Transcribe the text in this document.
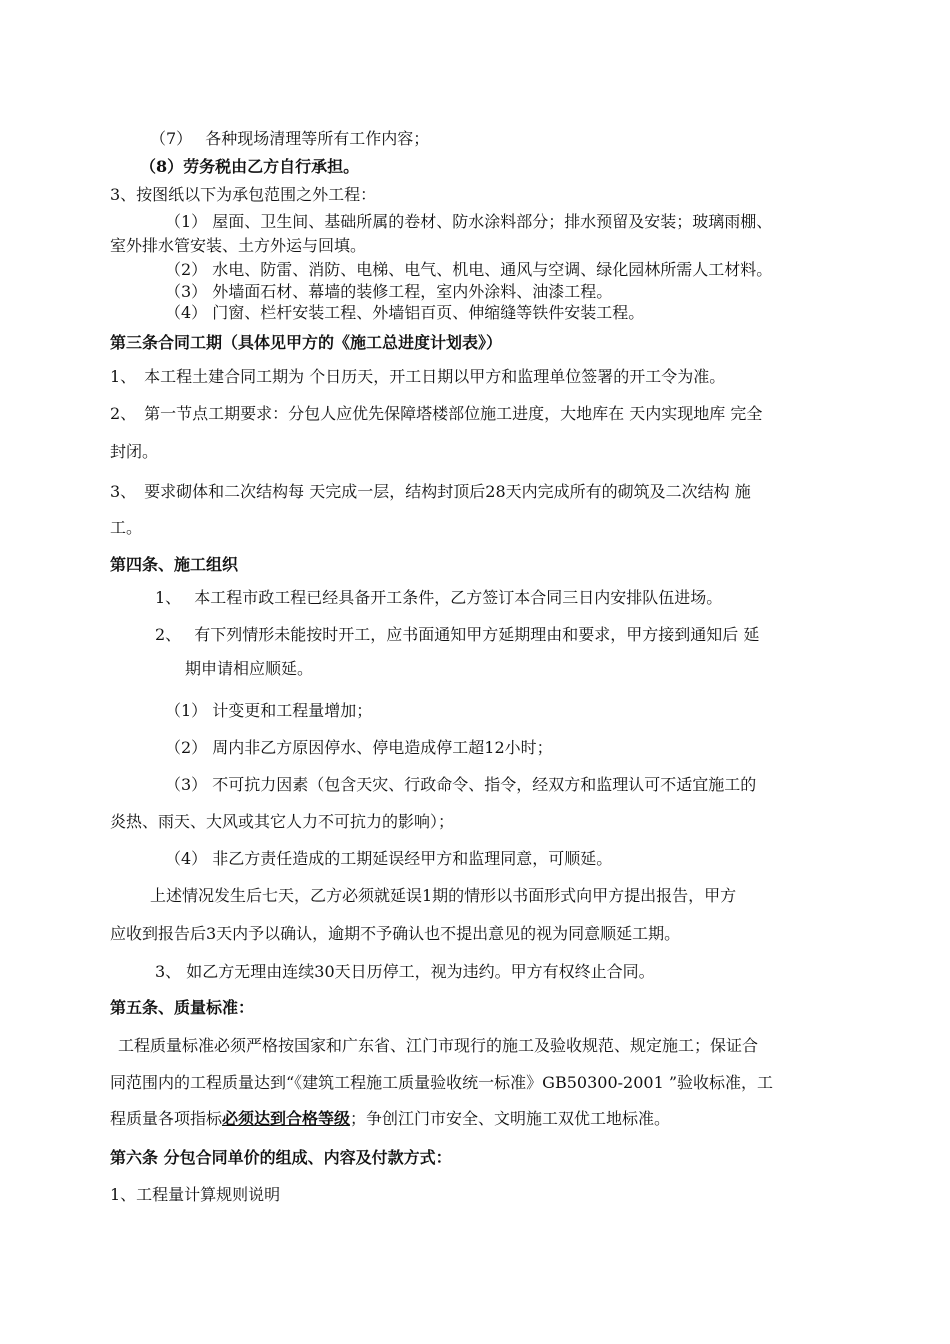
（7）　 各种现场清理等所有工作内容；
（8）劳务税由乙方自行承担。
3、按图纸以下为承包范围之外工程：
（1） 屋面、卫生间、基础所属的卷材、防水涂料部分；排水预留及安装；玻璃雨棚、
室外排水管安装、土方外运与回填。
（2） 水电、防雷、消防、电梯、电气、机电、通风与空调、绿化园林所需人工材料。
（3） 外墙面石材、幕墙的装修工程，室内外涂料、油漆工程。
（4） 门窗、栏杆安装工程、外墙铝百页、伸缩缝等铁件安装工程。
第三条合同工期（具体见甲方的《施工总进度计划表》）
1、　本工程土建合同工期为 个日历天，开工日期以甲方和监理单位签署的开工令为准。
2、　第一节点工期要求：分包人应优先保障塔楼部位施工进度，大地库在 天内实现地库 完全
封闭。
3、　要求砌体和二次结构每 天完成一层，结构封顶后28天内完成所有的砌筑及二次结构 施
工。
第四条、施工组织
1、　 本工程市政工程已经具备开工条件，乙方签订本合同三日内安排队伍进场。
2、　 有下列情形未能按时开工，应书面通知甲方延期理由和要求，甲方接到通知后 延
期申请相应顺延。
（1） 计变更和工程量增加；
（2） 周内非乙方原因停水、停电造成停工超12小时；
（3） 不可抗力因素（包含天灾、行政命令、指令，经双方和监理认可不适宜施工的
炎热、雨天、大风或其它人力不可抗力的影响）；
（4） 非乙方责任造成的工期延误经甲方和监理同意，可顺延。
上述情况发生后七天，乙方必须就延误1期的情形以书面形式向甲方提出报告，甲方
应收到报告后3天内予以确认，逾期不予确认也不提出意见的视为同意顺延工期。
3、 如乙方无理由连续30天日历停工，视为违约。甲方有权终止合同。
第五条、质量标准：
工程质量标准必须严格按国家和广东省、江门市现行的施工及验收规范、规定施工；保证合
同范围内的工程质量达到“《建筑工程施工质量验收统一标准》GB50300-2001 ”验收标准，工
程质量各项指标必须达到合格等级；争创江门市安全、文明施工双优工地标准。
第六条 分包合同单价的组成、内容及付款方式：
1、工程量计算规则说明
